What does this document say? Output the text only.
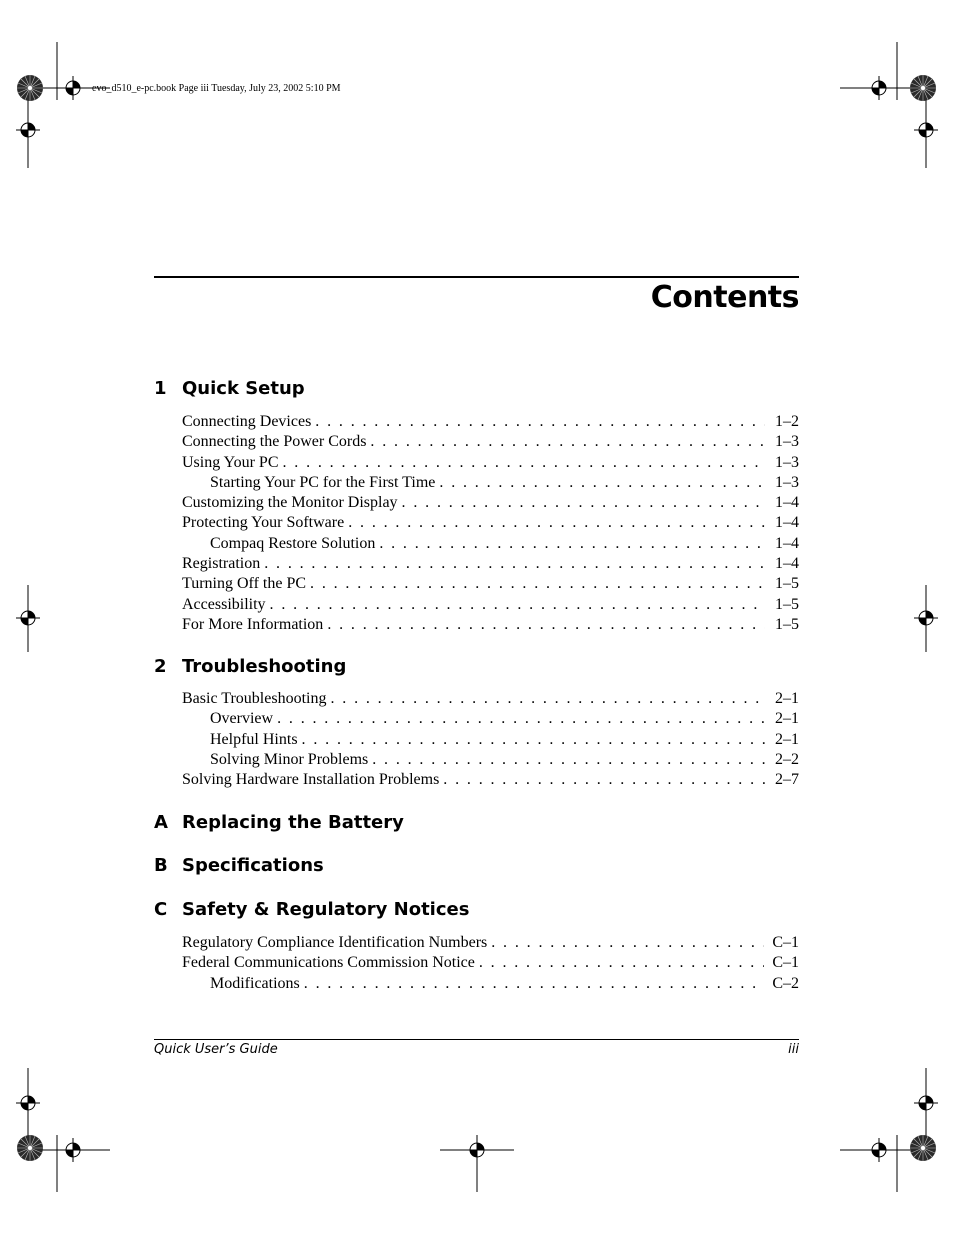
evo_d510_e-pc.book Page iii Tuesday, July 23, 2002 5:10 PM
Contents
1 Quick Setup
Connecting Devices . . .	1–2
Connecting the Power Cords . . .	1–3
Using Your PC . . .	1–3
Starting Your PC for the First Time . . .	1–3
Customizing the Monitor Display . . .	1–4
Protecting Your Software . . .	1–4
Compaq Restore Solution . . .	1–4
Registration . . .	1–4
Turning Off the PC . . .	1–5
Accessibility . . .	1–5
For More Information . . .	1–5
2 Troubleshooting
Basic Troubleshooting . . .	2–1
Overview . . .	2–1
Helpful Hints . . .	2–1
Solving Minor Problems . . .	2–2
Solving Hardware Installation Problems . . .	2–7
A Replacing the Battery
B Specifications
C Safety & Regulatory Notices
Regulatory Compliance Identification Numbers . . .	C–1
Federal Communications Commission Notice . . .	C–1
Modifications . . .	C–2
Quick User’s Guide	iii
